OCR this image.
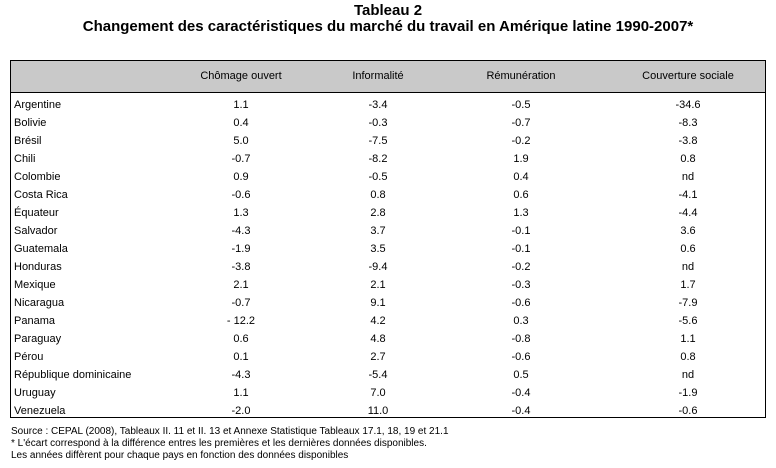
Tableau 2
Changement des caractéristiques du marché du travail en Amérique latine 1990-2007*
Chômage ouvert	Informalité	Rémunération	Couverture sociale
Argentine	1.1	-3.4	-0.5	-34.6
Bolivie	0.4	-0.3	-0.7	-8.3
Brésil	5.0	-7.5	-0.2	-3.8
Chili	-0.7	-8.2	1.9	0.8
Colombie	0.9	-0.5	0.4	nd
Costa Rica	-0.6	0.8	0.6	-4.1
Équateur	1.3	2.8	1.3	-4.4
Salvador	-4.3	3.7	-0.1	3.6
Guatemala	-1.9	3.5	-0.1	0.6
Honduras	-3.8	-9.4	-0.2	nd
Mexique	2.1	2.1	-0.3	1.7
Nicaragua	-0.7	9.1	-0.6	-7.9
Panama	- 12.2	4.2	0.3	-5.6
Paraguay	0.6	4.8	-0.8	1.1
Pérou	0.1	2.7	-0.6	0.8
République dominicaine	-4.3	-5.4	0.5	nd
Uruguay	1.1	7.0	-0.4	-1.9
Venezuela	-2.0	11.0	-0.4	-0.6
Source : CEPAL (2008), Tableaux II. 11 et II. 13 et Annexe Statistique Tableaux 17.1, 18, 19 et 21.1
* L'écart correspond à la différence entres les premières et les dernières données disponibles.
Les années diffèrent pour chaque pays en fonction des données disponibles
